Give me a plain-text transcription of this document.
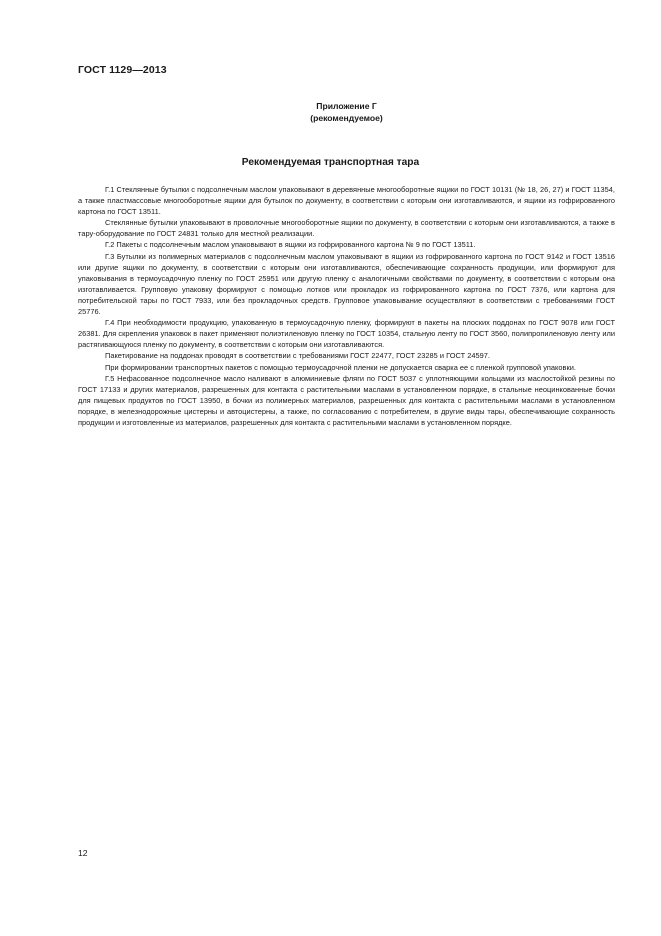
ГОСТ 1129—2013
Приложение Г
(рекомендуемое)
Рекомендуемая транспортная тара

Г.1 Стеклянные бутылки с подсолнечным маслом упаковывают в деревянные многооборотные ящики по ГОСТ 10131 (№ 18, 26, 27) и ГОСТ 11354, а также пластмассовые многооборотные ящики для бутылок по документу, в соответствии с которым они изготавливаются, и ящики из гофрированного картона по ГОСТ 13511.

Стеклянные бутылки упаковывают в проволочные многооборотные ящики по документу, в соответствии с которым они изготавливаются, а также в тару-оборудование по ГОСТ 24831 только для местной реализации.

Г.2 Пакеты с подсолнечным маслом упаковывают в ящики из гофрированного картона № 9 по ГОСТ 13511.

Г.3 Бутылки из полимерных материалов с подсолнечным маслом упаковывают в ящики из гофрированного картона по ГОСТ 9142 и ГОСТ 13516 или другие ящики по документу, в соответствии с которым они изготавливаются, обеспечивающие сохранность продукции, или формируют для упаковывания в термоусадочную пленку по ГОСТ 25951 или другую пленку с аналогичными свойствами по документу, в соответствии с которым она изготавливается. Групповую упаковку формируют с помощью лотков или прокладок из гофрированного картона по ГОСТ 7376, или картона для потребительской тары по ГОСТ 7933, или без прокладочных средств. Групповое упаковывание осуществляют в соответствии с требованиями ГОСТ 25776.

Г.4 При необходимости продукцию, упакованную в термоусадочную пленку, формируют в пакеты на плоских поддонах по ГОСТ 9078 или ГОСТ 26381. Для скрепления упаковок в пакет применяют полиэтиленовую пленку по ГОСТ 10354, стальную ленту по ГОСТ 3560, полипропиленовую ленту или растягивающуюся пленку по документу, в соответствии с которым они изготавливаются.

Пакетирование на поддонах проводят в соответствии с требованиями ГОСТ 22477, ГОСТ 23285 и ГОСТ 24597.

При формировании транспортных пакетов с помощью термоусадочной пленки не допускается сварка ее с пленкой групповой упаковки.

Г.5 Нефасованное подсолнечное масло наливают в алюминиевые фляги по ГОСТ 5037 с уплотняющими кольцами из маслостойкой резины по ГОСТ 17133 и других материалов, разрешенных для контакта с растительными маслами в установленном порядке, в стальные неоцинкованные бочки для пищевых продуктов по ГОСТ 13950, в бочки из полимерных материалов, разрешенных для контакта с растительными маслами в установленном порядке, в железнодорожные цистерны и автоцистерны, а также, по согласованию с потребителем, в другие виды тары, обеспечивающие сохранность продукции и изготовленные из материалов, разрешенных для контакта с растительными маслами в установленном порядке.

12
